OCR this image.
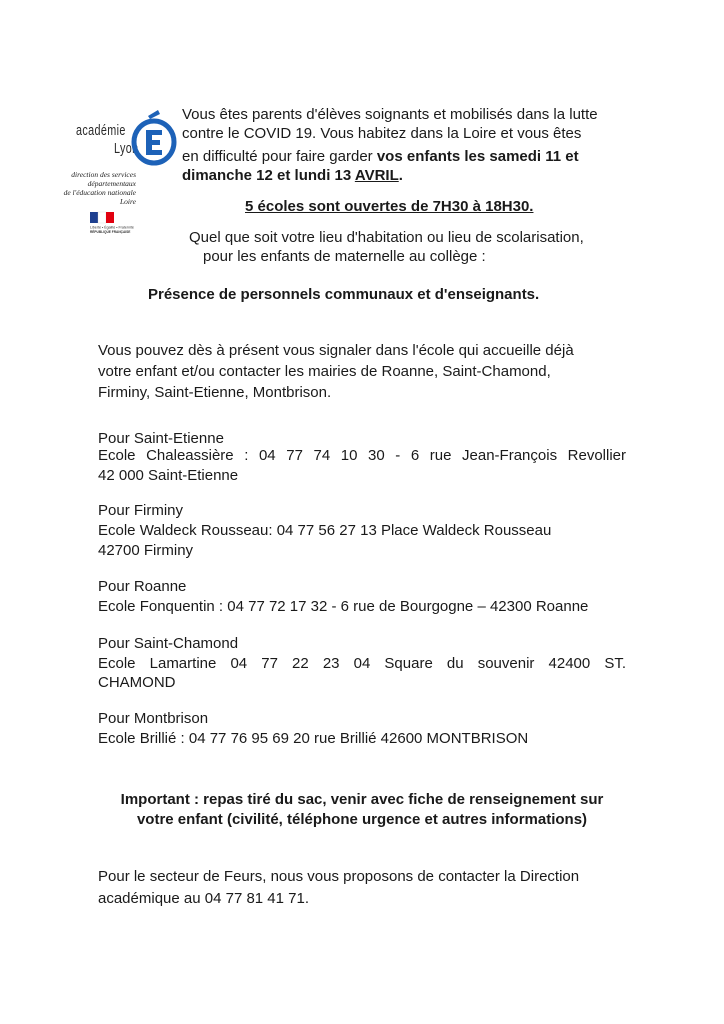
académie
Lyon
direction des services
départementaux
de l'éducation nationale
Loire
Liberté • Égalité • Fraternité
RÉPUBLIQUE FRANÇAISE
Vous êtes parents d'élèves soignants et mobilisés dans la lutte
contre le COVID 19. Vous habitez dans la Loire et vous êtes
en difficulté pour faire garder vos enfants les samedi 11 et
dimanche 12 et lundi 13 AVRIL.
5 écoles sont ouvertes de 7H30 à 18H30.
Quel que soit votre lieu d'habitation ou lieu de scolarisation,
pour les enfants de maternelle au collège :
Présence de personnels communaux et d'enseignants.
Vous pouvez dès à présent vous signaler dans l'école qui accueille déjà
votre enfant et/ou contacter les mairies de Roanne, Saint-Chamond,
Firminy, Saint-Etienne, Montbrison.
Pour Saint-Etienne
Ecole Chaleassière : 04 77 74 10 30 - 6 rue Jean-François Revollier
42 000 Saint-Etienne
Pour Firminy
Ecole Waldeck Rousseau: 04 77 56 27 13 Place Waldeck Rousseau
42700 Firminy
Pour Roanne
Ecole Fonquentin : 04 77 72 17 32 - 6 rue de Bourgogne – 42300 Roanne
Pour Saint-Chamond
Ecole Lamartine 04 77 22 23 04 Square du souvenir 42400 ST.
CHAMOND
Pour Montbrison
Ecole Brillié : 04 77 76 95 69 20 rue Brillié 42600 MONTBRISON
Important : repas tiré du sac, venir avec fiche de renseignement sur
votre enfant (civilité, téléphone urgence et autres informations)
Pour le secteur de Feurs, nous vous proposons de contacter la Direction
académique au 04 77 81 41 71.
